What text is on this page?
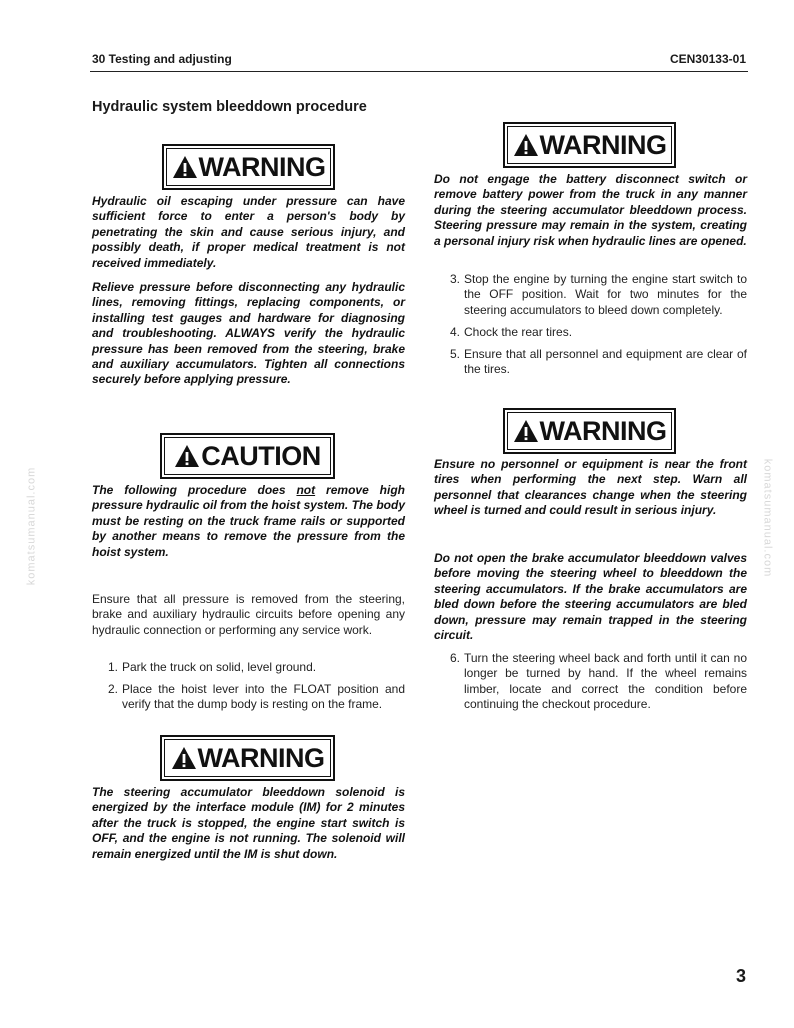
30 Testing and adjusting	CEN30133-01
Hydraulic system bleeddown procedure
WARNING
Hydraulic oil escaping under pressure can have sufficient force to enter a person's body by penetrating the skin and cause serious injury, and possibly death, if proper medical treatment is not received immediately.
Relieve pressure before disconnecting any hydraulic lines, removing fittings, replacing components, or installing test gauges and hardware for diagnosing and troubleshooting. ALWAYS verify the hydraulic pressure has been removed from the steering, brake and auxiliary accumulators. Tighten all connections securely before applying pressure.
CAUTION
The following procedure does not remove high pressure hydraulic oil from the hoist system. The body must be resting on the truck frame rails or supported by another means to remove the pressure from the hoist system.
Ensure that all pressure is removed from the steering, brake and auxiliary hydraulic circuits before opening any hydraulic connection or performing any service work.
1. Park the truck on solid, level ground.
2. Place the hoist lever into the FLOAT position and verify that the dump body is resting on the frame.
WARNING
The steering accumulator bleeddown solenoid is energized by the interface module (IM) for 2 minutes after the truck is stopped, the engine start switch is OFF, and the engine is not running. The solenoid will remain energized until the IM is shut down.
WARNING
Do not engage the battery disconnect switch or remove battery power from the truck in any manner during the steering accumulator bleeddown process. Steering pressure may remain in the system, creating a personal injury risk when hydraulic lines are opened.
3. Stop the engine by turning the engine start switch to the OFF position. Wait for two minutes for the steering accumulators to bleed down completely.
4. Chock the rear tires.
5. Ensure that all personnel and equipment are clear of the tires.
WARNING
Ensure no personnel or equipment is near the front tires when performing the next step. Warn all personnel that clearances change when the steering wheel is turned and could result in serious injury.
Do not open the brake accumulator bleeddown valves before moving the steering wheel to bleeddown the steering accumulators. If the brake accumulators are bled down before the steering accumulators are bled down, pressure may remain trapped in the steering circuit.
6. Turn the steering wheel back and forth until it can no longer be turned by hand. If the wheel remains limber, locate and correct the condition before continuing the checkout procedure.
komatsumanual.com	komatsumanual.com
3
